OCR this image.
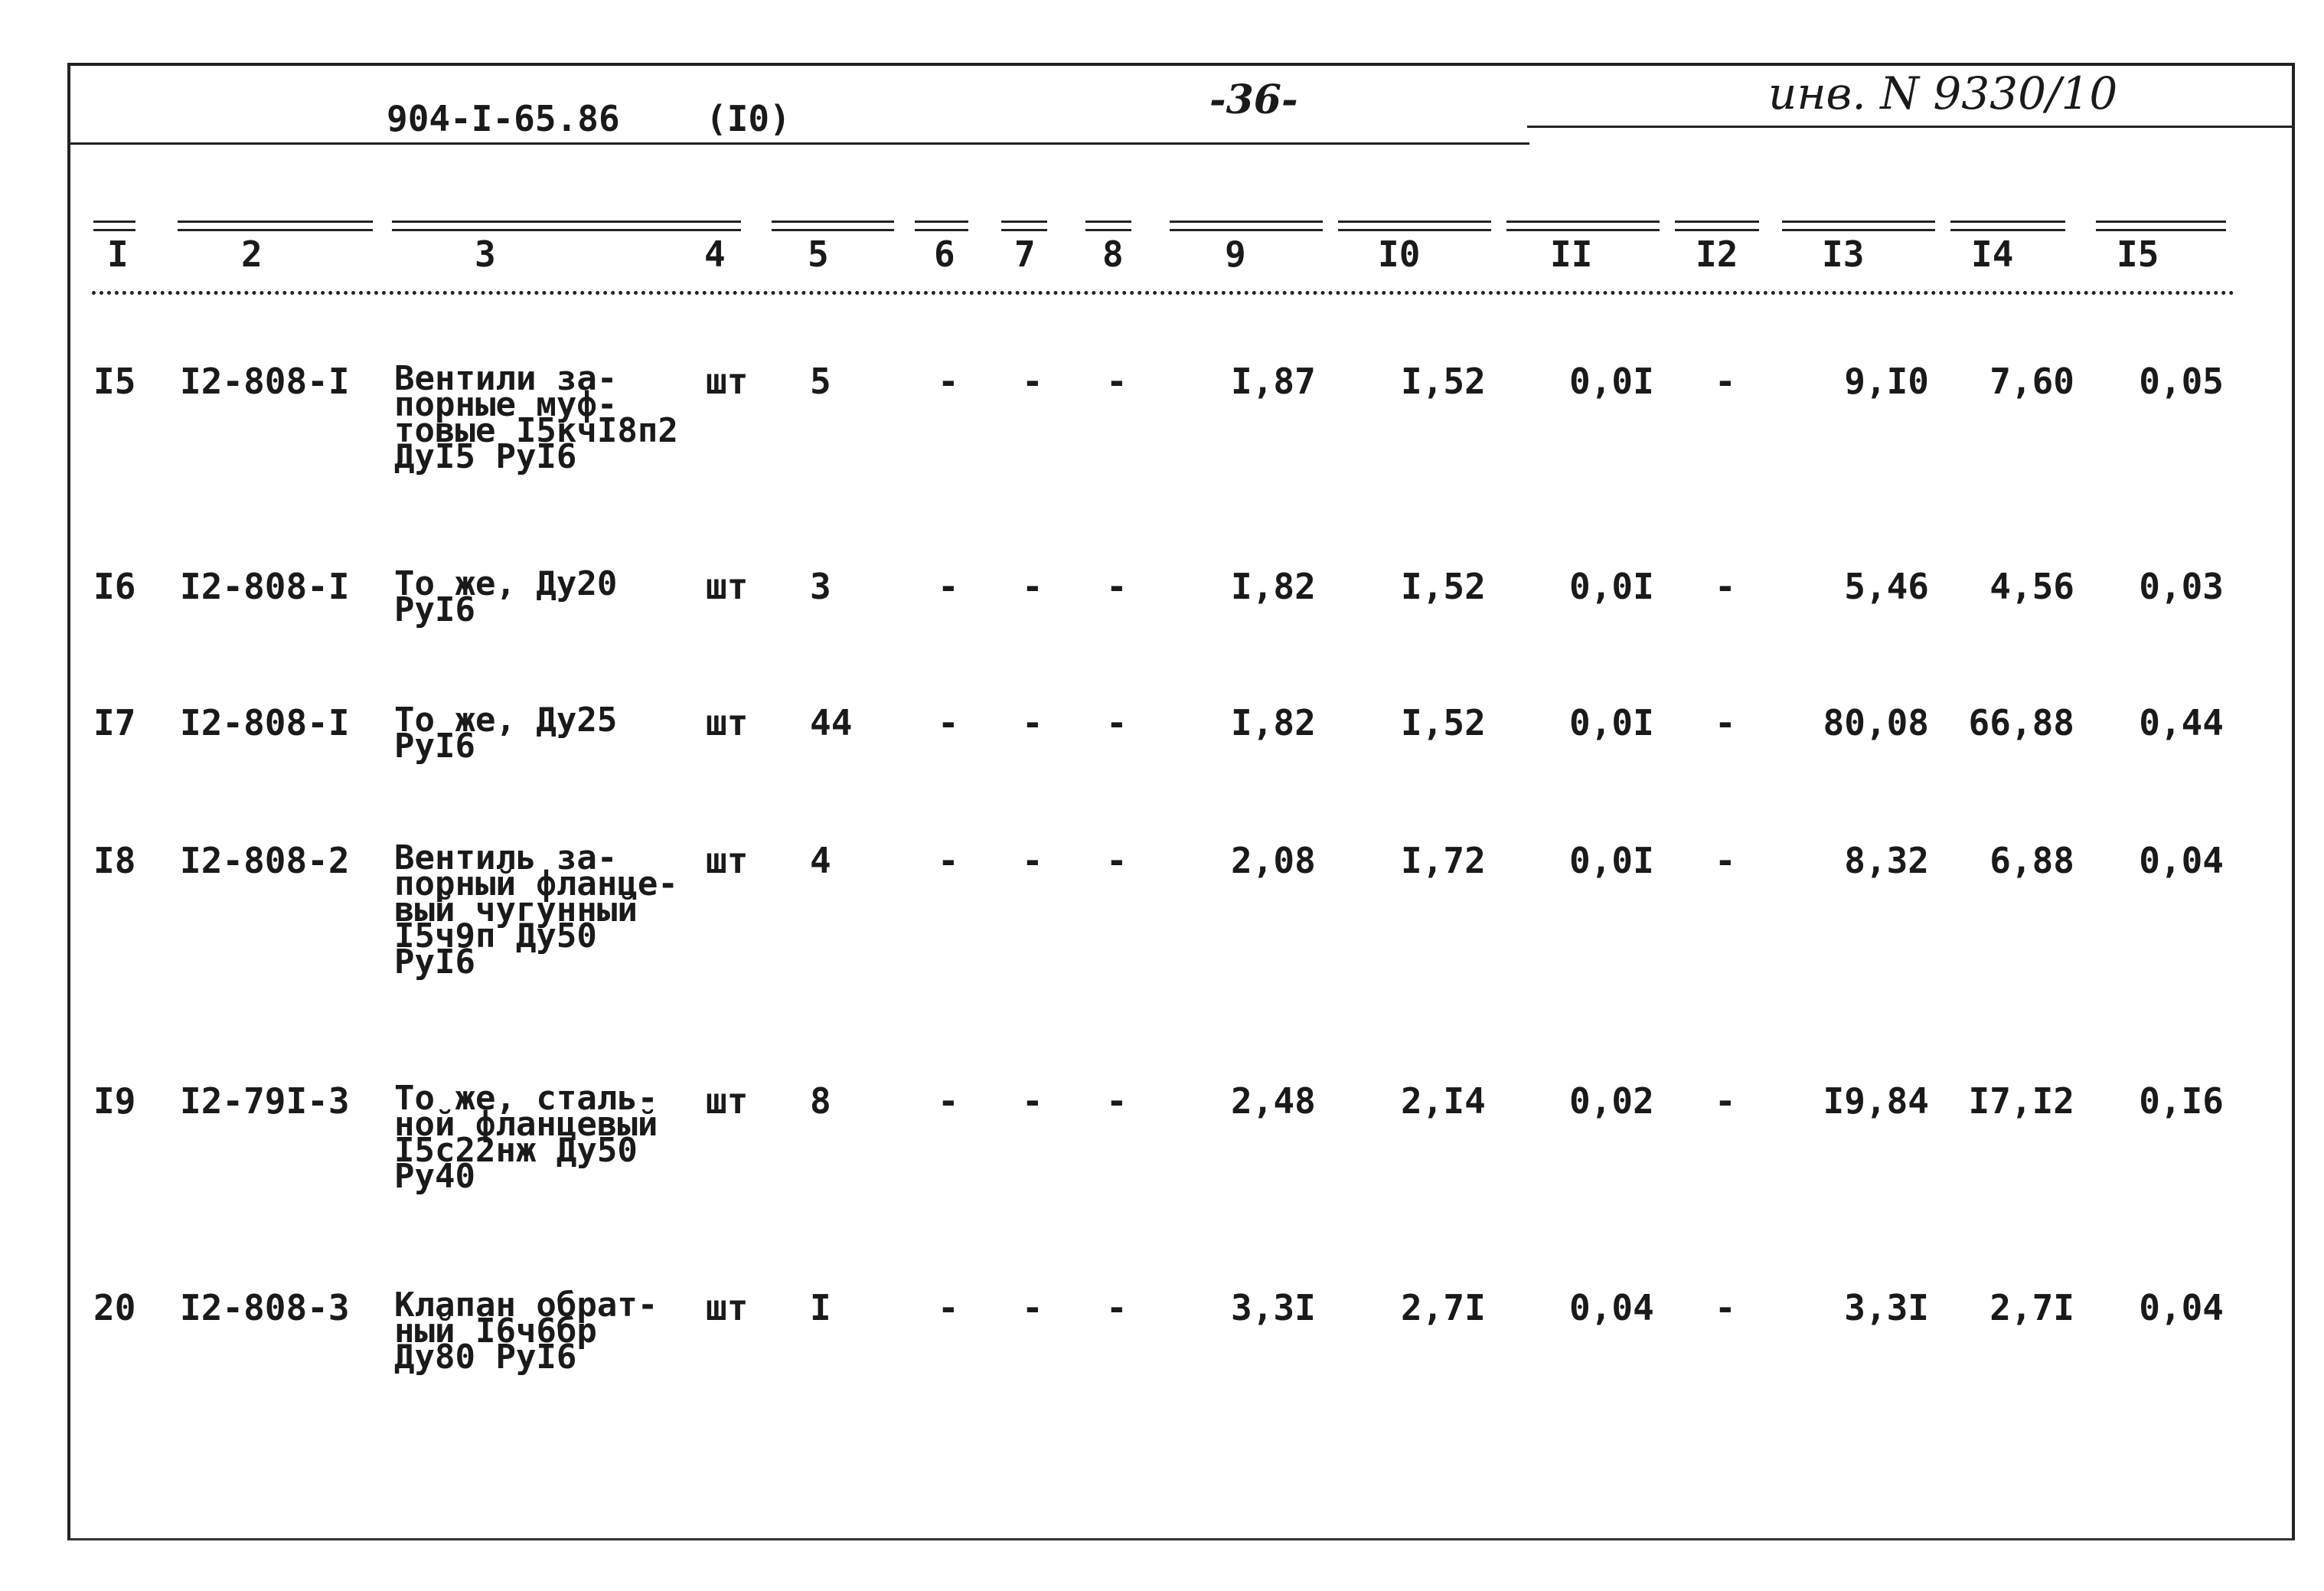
904-I-65.86 (I0)	-36-	инв. N 9330/10
I	2	3	4 5	6 7 8	9	I0	II	I2 I3	I4	I5
I5 I2-808-I Вентили за-
порные муф-
товые I5кчI8п2
ДуI5 РуI6
шт 5	- - -	I,87 I,52 0,0I -	9,I0	7,60	0,05
I6 I2-808-I То же, Ду20
РуI6
шт 3	- - -	I,82 I,52 0,0I -	5,46	4,56	0,03
I7 I2-808-I То же, Ду25
РуI6
шт 44 - - -	I,82 I,52 0,0I -	80,08	66,88	0,44
I8 I2-808-2 Вентиль за-
порный фланце-
вый чугунный
I5ч9п Ду50
РуI6
шт 4	- - -	2,08 I,72 0,0I -	8,32	6,88	0,04
I9 I2-79I-3 То же, сталь-
ной фланцевый
I5с22нж Ду50
Ру40
шт 8	- - -	2,48 2,I4 0,02 -	I9,84	I7,I2	0,I6
20 I2-808-3 Клапан обрат-
ный I6ч6бр
Ду80 РуI6
шт I	- - -	3,3I 2,7I 0,04 -	3,3I	2,7I	0,04
